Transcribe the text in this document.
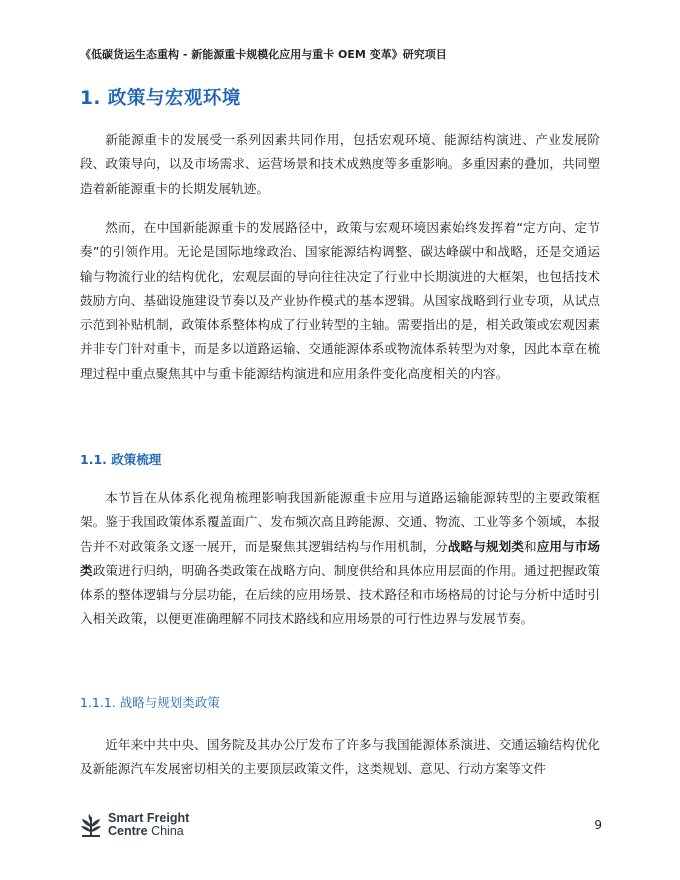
《低碳货运生态重构 - 新能源重卡规模化应用与重卡 OEM 变革》研究项目
1. 政策与宏观环境
新能源重卡的发展受一系列因素共同作用，包括宏观环境、能源结构演进、产业发展阶段、政策导向，以及市场需求、运营场景和技术成熟度等多重影响。多重因素的叠加，共同塑造着新能源重卡的长期发展轨迹。
然而，在中国新能源重卡的发展路径中，政策与宏观环境因素始终发挥着“定方向、定节奏”的引领作用。无论是国际地缘政治、国家能源结构调整、碳达峰碳中和战略，还是交通运输与物流行业的结构优化，宏观层面的导向往往决定了行业中长期演进的大框架，也包括技术鼓励方向、基础设施建设节奏以及产业协作模式的基本逻辑。从国家战略到行业专项，从试点示范到补贴机制，政策体系整体构成了行业转型的主轴。需要指出的是，相关政策或宏观因素并非专门针对重卡，而是多以道路运输、交通能源体系或物流体系转型为对象，因此本章在梳理过程中重点聚焦其中与重卡能源结构演进和应用条件变化高度相关的内容。
1.1. 政策梳理
本节旨在从体系化视角梳理影响我国新能源重卡应用与道路运输能源转型的主要政策框架。鉴于我国政策体系覆盖面广、发布频次高且跨能源、交通、物流、工业等多个领域，本报告并不对政策条文逐一展开，而是聚焦其逻辑结构与作用机制，分战略与规划类和应用与市场类政策进行归纳，明确各类政策在战略方向、制度供给和具体应用层面的作用。通过把握政策体系的整体逻辑与分层功能，在后续的应用场景、技术路径和市场格局的讨论与分析中适时引入相关政策，以便更准确理解不同技术路线和应用场景的可行性边界与发展节奏。
1.1.1. 战略与规划类政策
近年来中共中央、国务院及其办公厅发布了许多与我国能源体系演进、交通运输结构优化及新能源汽车发展密切相关的主要顶层政策文件，这类规划、意见、行动方案等文件
Smart Freight
Centre China	9
